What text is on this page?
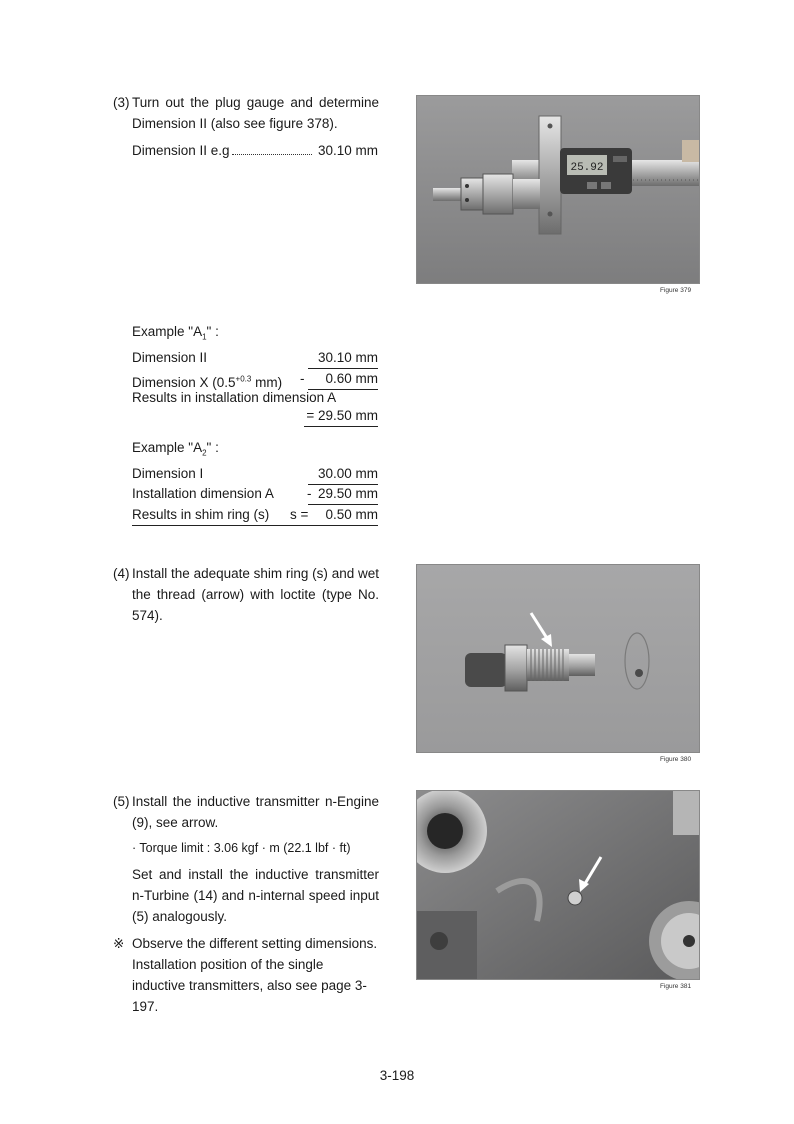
(3) Turn out the plug gauge and determine Dimension II (also see figure 378).
Dimension II e.g	30.10 mm
25.92
Figure 379
Example "$A_1$" :
Dimension II	30.10 mm
Dimension X ($0.5^{+0.3}$ mm) -	0.60 mm
Results in installation dimension A
= 29.50 mm
Example "$A_2$" :
Dimension I	30.00 mm
Installation dimension A - 29.50 mm
Results in shim ring (s) s = 0.50 mm
(4) Install the adequate shim ring (s) and wet the thread (arrow) with loctite (type No. 574).
Figure 380
(5) Install the inductive transmitter n-Engine (9), see arrow.
· Torque limit : 3.06 kgf · m (22.1 lbf · ft)
Set and install the inductive transmitter n-Turbine (14) and n-internal speed input (5) analogously.
※ Observe the different setting dimensions. Installation position of the single inductive transmitters, also see page 3-197.
Figure 381
3-198
